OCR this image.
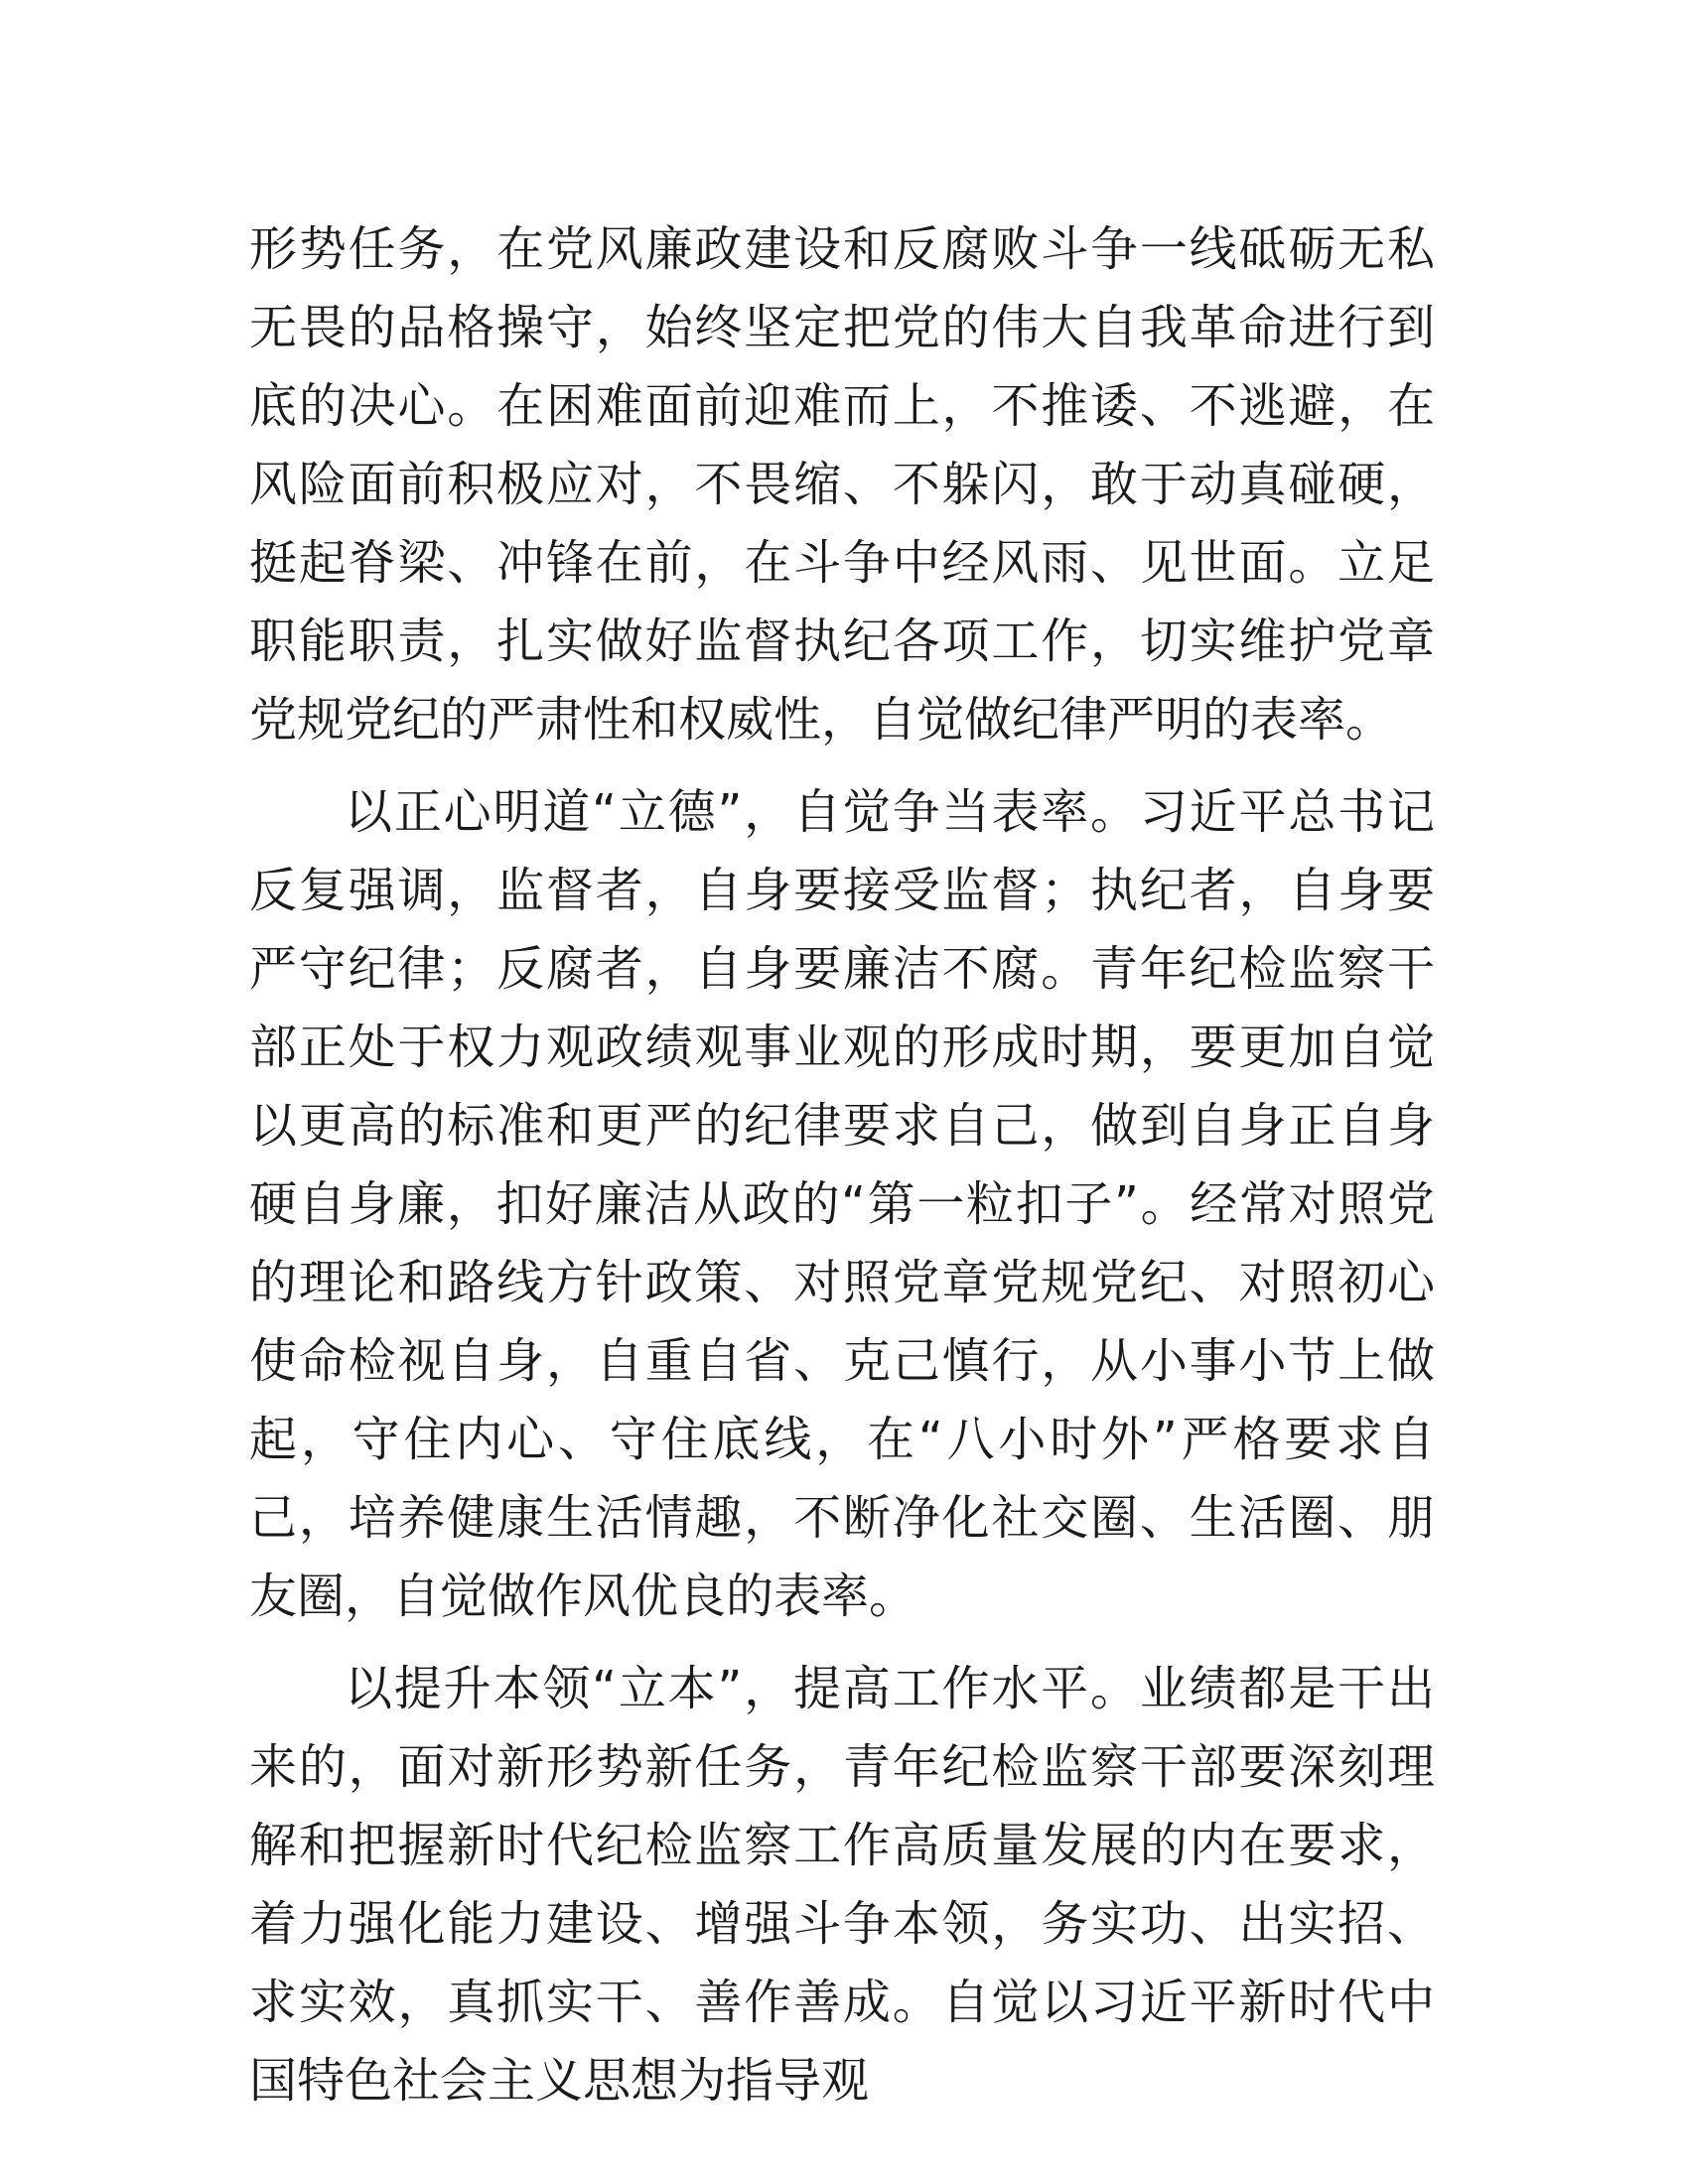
形势任务，在党风廉政建设和反腐败斗争一线砥砺无私无畏的品格操守，始终坚定把党的伟大自我革命进行到底的决心。在困难面前迎难而上，不推诿、不逃避，在风险面前积极应对，不畏缩、不躲闪，敢于动真碰硬，挺起脊梁、冲锋在前，在斗争中经风雨、见世面。立足职能职责，扎实做好监督执纪各项工作，切实维护党章党规党纪的严肃性和权威性，自觉做纪律严明的表率。

以正心明道“立德”，自觉争当表率。习近平总书记反复强调，监督者，自身要接受监督；执纪者，自身要严守纪律；反腐者，自身要廉洁不腐。青年纪检监察干部正处于权力观政绩观事业观的形成时期，要更加自觉以更高的标准和更严的纪律要求自己，做到自身正自身硬自身廉，扣好廉洁从政的“第一粒扣子”。经常对照党的理论和路线方针政策、对照党章党规党纪、对照初心使命检视自身，自重自省、克己慎行，从小事小节上做起，守住内心、守住底线，在“八小时外”严格要求自己，培养健康生活情趣，不断净化社交圈、生活圈、朋友圈，自觉做作风优良的表率。

以提升本领“立本”，提高工作水平。业绩都是干出来的，面对新形势新任务，青年纪检监察干部要深刻理解和把握新时代纪检监察工作高质量发展的内在要求，着力强化能力建设、增强斗争本领，务实功、出实招、求实效，真抓实干、善作善成。自觉以习近平新时代中国特色社会主义思想为指导观
